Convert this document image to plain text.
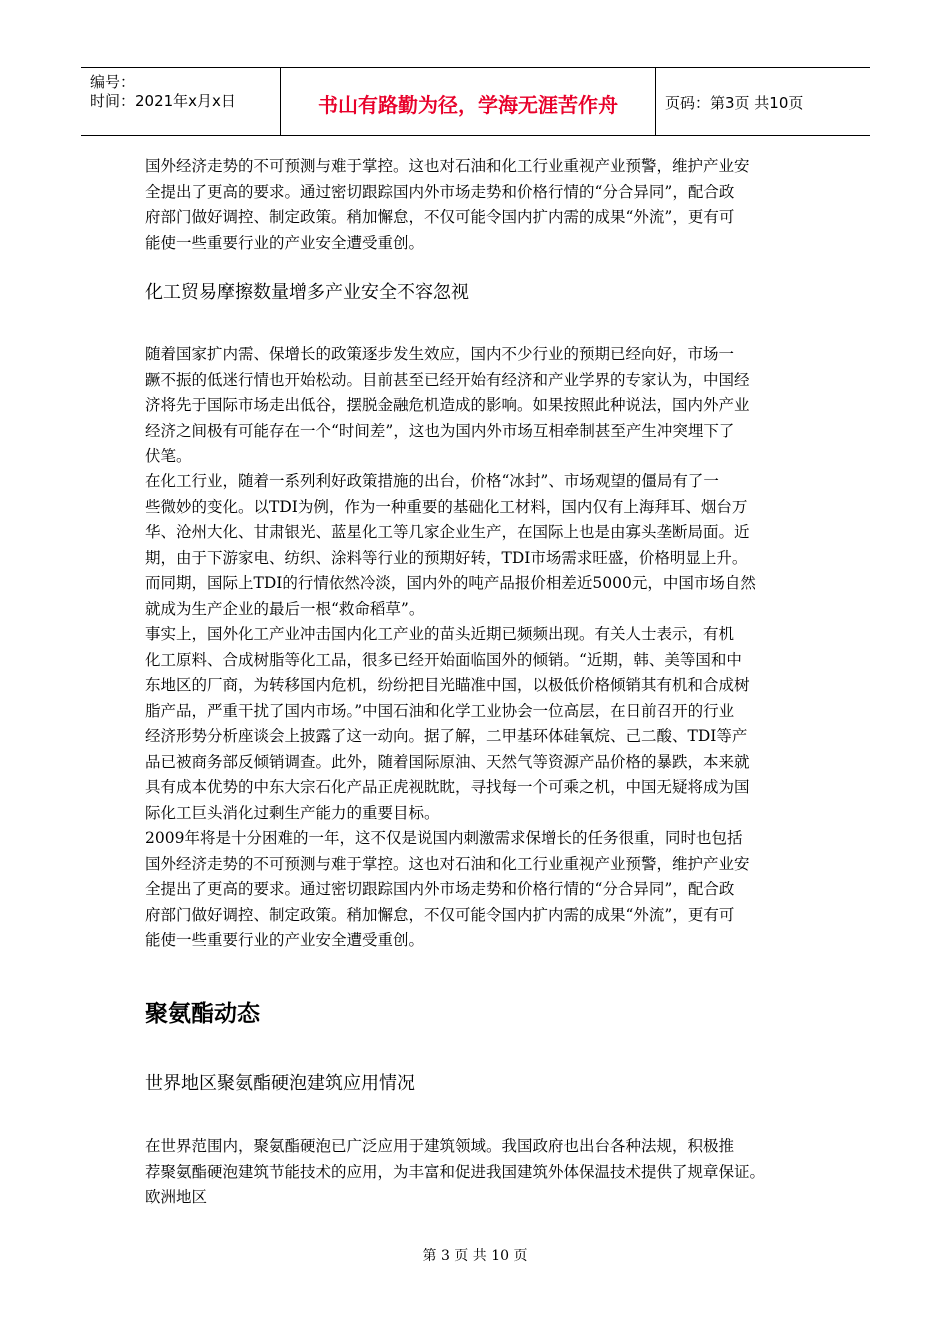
编号：
时间：2021年x月x日	书山有路勤为径，学海无涯苦作舟	页码：第3页 共10页
国外经济走势的不可预测与难于掌控。这也对石油和化工行业重视产业预警，维护产业安
全提出了更高的要求。通过密切跟踪国内外市场走势和价格行情的“分合异同”，配合政
府部门做好调控、制定政策。稍加懈怠，不仅可能令国内扩内需的成果“外流”，更有可
能使一些重要行业的产业安全遭受重创。
化工贸易摩擦数量增多产业安全不容忽视
随着国家扩内需、保增长的政策逐步发生效应，国内不少行业的预期已经向好，市场一
蹶不振的低迷行情也开始松动。目前甚至已经开始有经济和产业学界的专家认为，中国经
济将先于国际市场走出低谷，摆脱金融危机造成的影响。如果按照此种说法，国内外产业
经济之间极有可能存在一个“时间差”，这也为国内外市场互相牵制甚至产生冲突埋下了
伏笔。
在化工行业，随着一系列利好政策措施的出台，价格“冰封”、市场观望的僵局有了一
些微妙的变化。以TDI为例，作为一种重要的基础化工材料，国内仅有上海拜耳、烟台万
华、沧州大化、甘肃银光、蓝星化工等几家企业生产，在国际上也是由寡头垄断局面。近
期，由于下游家电、纺织、涂料等行业的预期好转，TDI市场需求旺盛，价格明显上升。
而同期，国际上TDI的行情依然冷淡，国内外的吨产品报价相差近5000元，中国市场自然
就成为生产企业的最后一根“救命稻草”。
事实上，国外化工产业冲击国内化工产业的苗头近期已频频出现。有关人士表示，有机
化工原料、合成树脂等化工品，很多已经开始面临国外的倾销。“近期，韩、美等国和中
东地区的厂商，为转移国内危机，纷纷把目光瞄准中国，以极低价格倾销其有机和合成树
脂产品，严重干扰了国内市场。”中国石油和化学工业协会一位高层，在日前召开的行业
经济形势分析座谈会上披露了这一动向。据了解，二甲基环体硅氧烷、己二酸、TDI等产
品已被商务部反倾销调查。此外，随着国际原油、天然气等资源产品价格的暴跌，本来就
具有成本优势的中东大宗石化产品正虎视眈眈，寻找每一个可乘之机，中国无疑将成为国
际化工巨头消化过剩生产能力的重要目标。
2009年将是十分困难的一年，这不仅是说国内刺激需求保增长的任务很重，同时也包括
国外经济走势的不可预测与难于掌控。这也对石油和化工行业重视产业预警，维护产业安
全提出了更高的要求。通过密切跟踪国内外市场走势和价格行情的“分合异同”，配合政
府部门做好调控、制定政策。稍加懈怠，不仅可能令国内扩内需的成果“外流”，更有可
能使一些重要行业的产业安全遭受重创。
聚氨酯动态
世界地区聚氨酯硬泡建筑应用情况
在世界范围内，聚氨酯硬泡已广泛应用于建筑领域。我国政府也出台各种法规，积极推
荐聚氨酯硬泡建筑节能技术的应用，为丰富和促进我国建筑外体保温技术提供了规章保证。
欧洲地区
第 3 页 共 10 页
